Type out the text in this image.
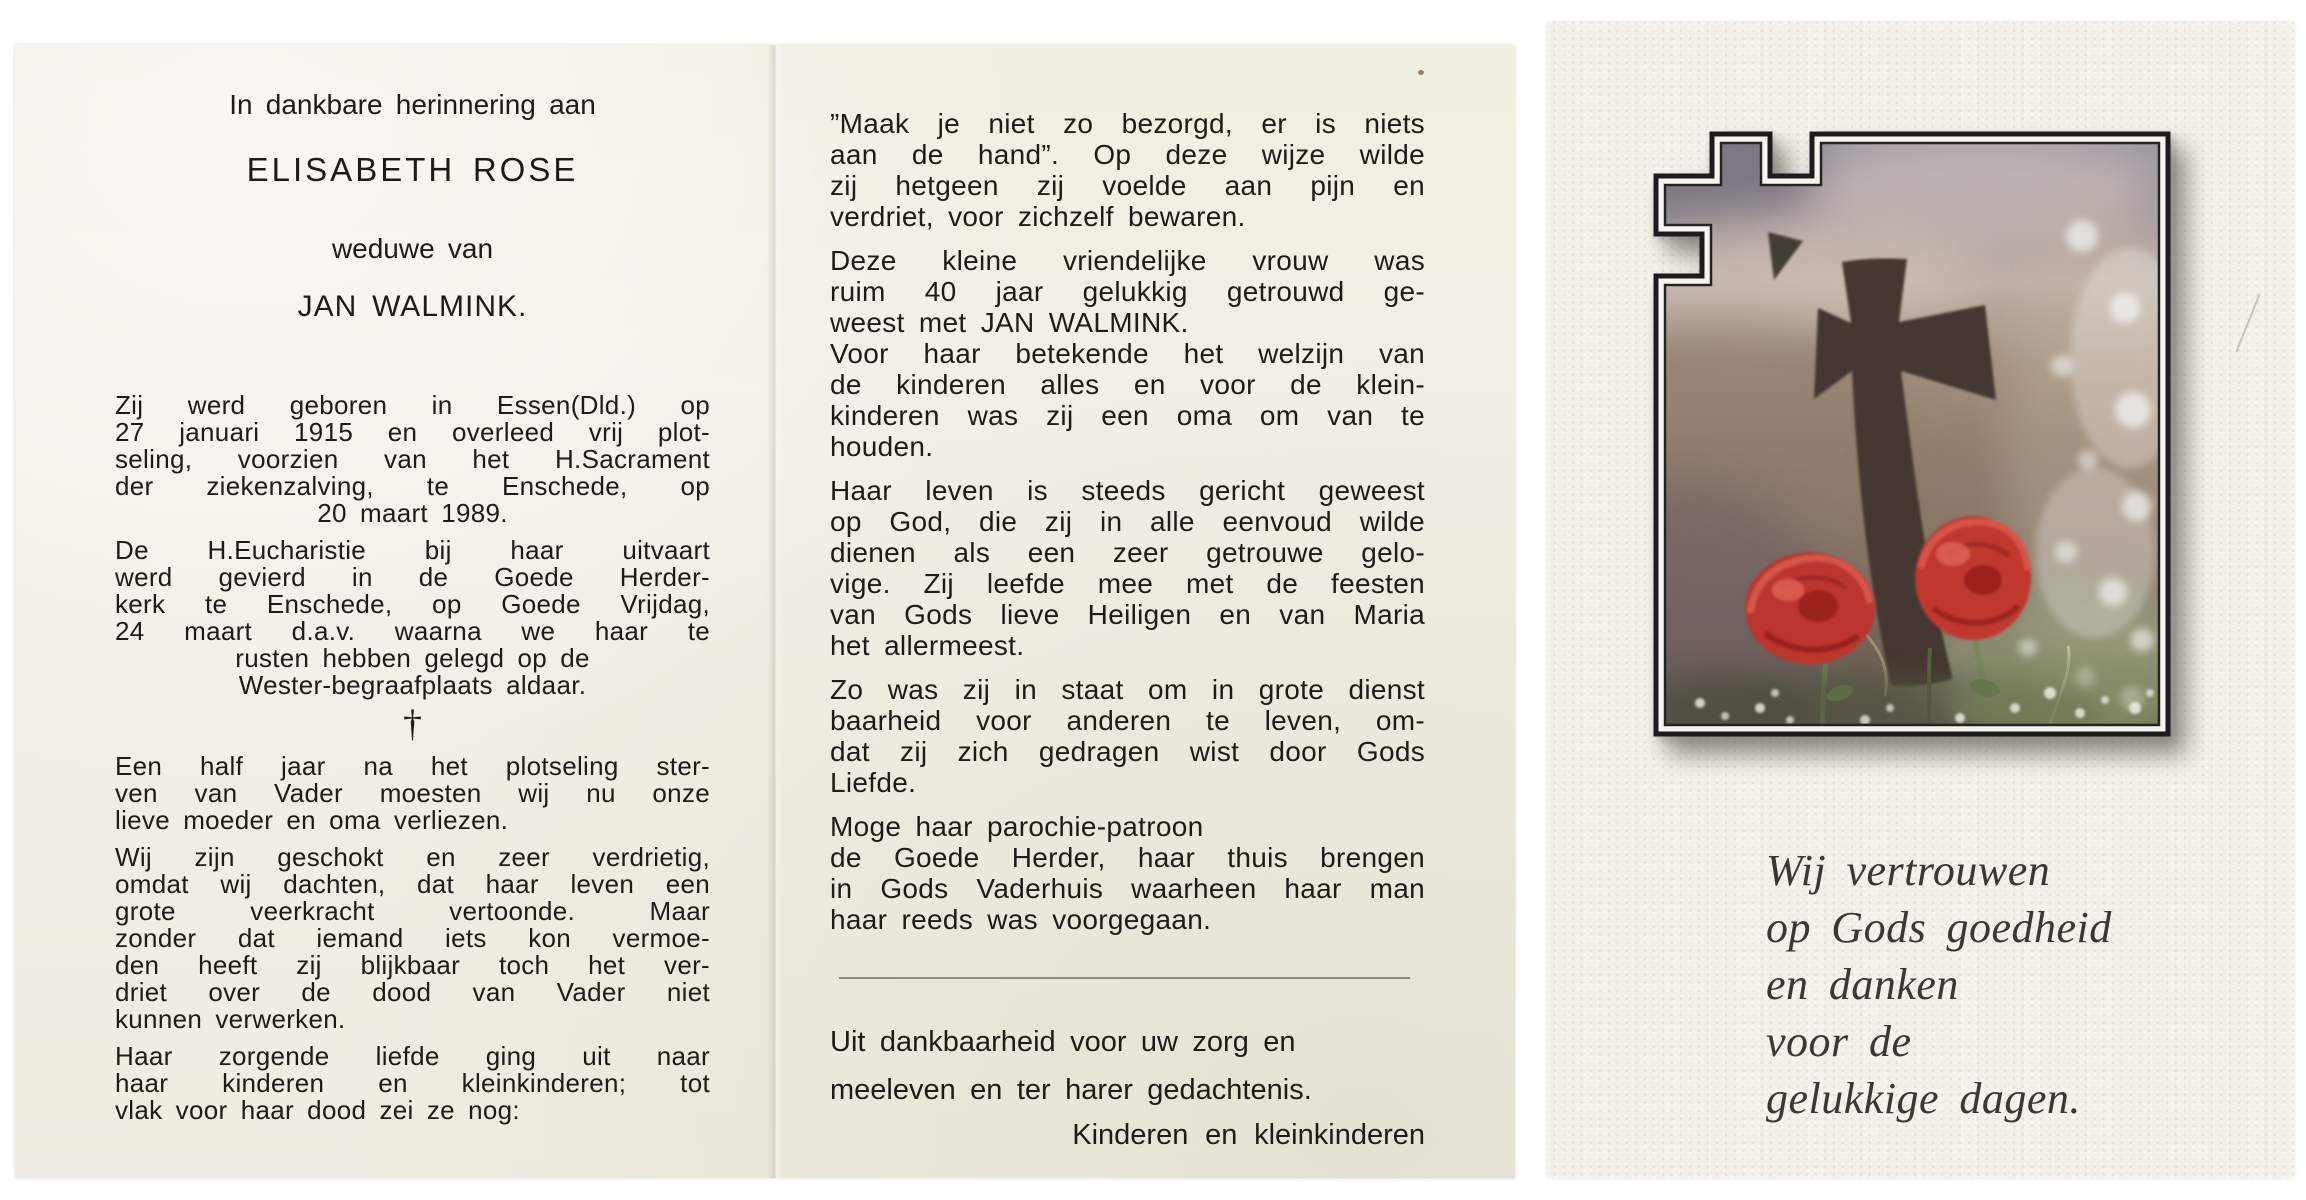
In dankbare herinnering aan
ELISABETH ROSE
weduwe van
JAN WALMINK.
Zij werd geboren in Essen(Dld.) op
27 januari 1915 en overleed vrij plot-
seling, voorzien van het H.Sacrament
der ziekenzalving, te Enschede, op
20 maart 1989.
De H.Eucharistie bij haar uitvaart
werd gevierd in de Goede Herder-
kerk te Enschede, op Goede Vrijdag,
24 maart d.a.v. waarna we haar te
rusten hebben gelegd op de
Wester-begraafplaats aldaar.
†
Een half jaar na het plotseling ster-
ven van Vader moesten wij nu onze
lieve moeder en oma verliezen.
Wij zijn geschokt en zeer verdrietig,
omdat wij dachten, dat haar leven een
grote veerkracht vertoonde. Maar
zonder dat iemand iets kon vermoe-
den heeft zij blijkbaar toch het ver-
driet over de dood van Vader niet
kunnen verwerken.
Haar zorgende liefde ging uit naar
haar kinderen en kleinkinderen; tot
vlak voor haar dood zei ze nog:
”Maak je niet zo bezorgd, er is niets
aan de hand”. Op deze wijze wilde
zij hetgeen zij voelde aan pijn en
verdriet, voor zichzelf bewaren.
Deze kleine vriendelijke vrouw was
ruim 40 jaar gelukkig getrouwd ge-
weest met JAN WALMINK.
Voor haar betekende het welzijn van
de kinderen alles en voor de klein-
kinderen was zij een oma om van te
houden.
Haar leven is steeds gericht geweest
op God, die zij in alle eenvoud wilde
dienen als een zeer getrouwe gelo-
vige. Zij leefde mee met de feesten
van Gods lieve Heiligen en van Maria
het allermeest.
Zo was zij in staat om in grote dienst
baarheid voor anderen te leven, om-
dat zij zich gedragen wist door Gods
Liefde.
Moge haar parochie-patroon
de Goede Herder, haar thuis brengen
in Gods Vaderhuis waarheen haar man
haar reeds was voorgegaan.
Uit dankbaarheid voor uw zorg en
meeleven en ter harer gedachtenis.
Kinderen en kleinkinderen
Wij vertrouwen
op Gods goedheid
en danken
voor de
gelukkige dagen.
